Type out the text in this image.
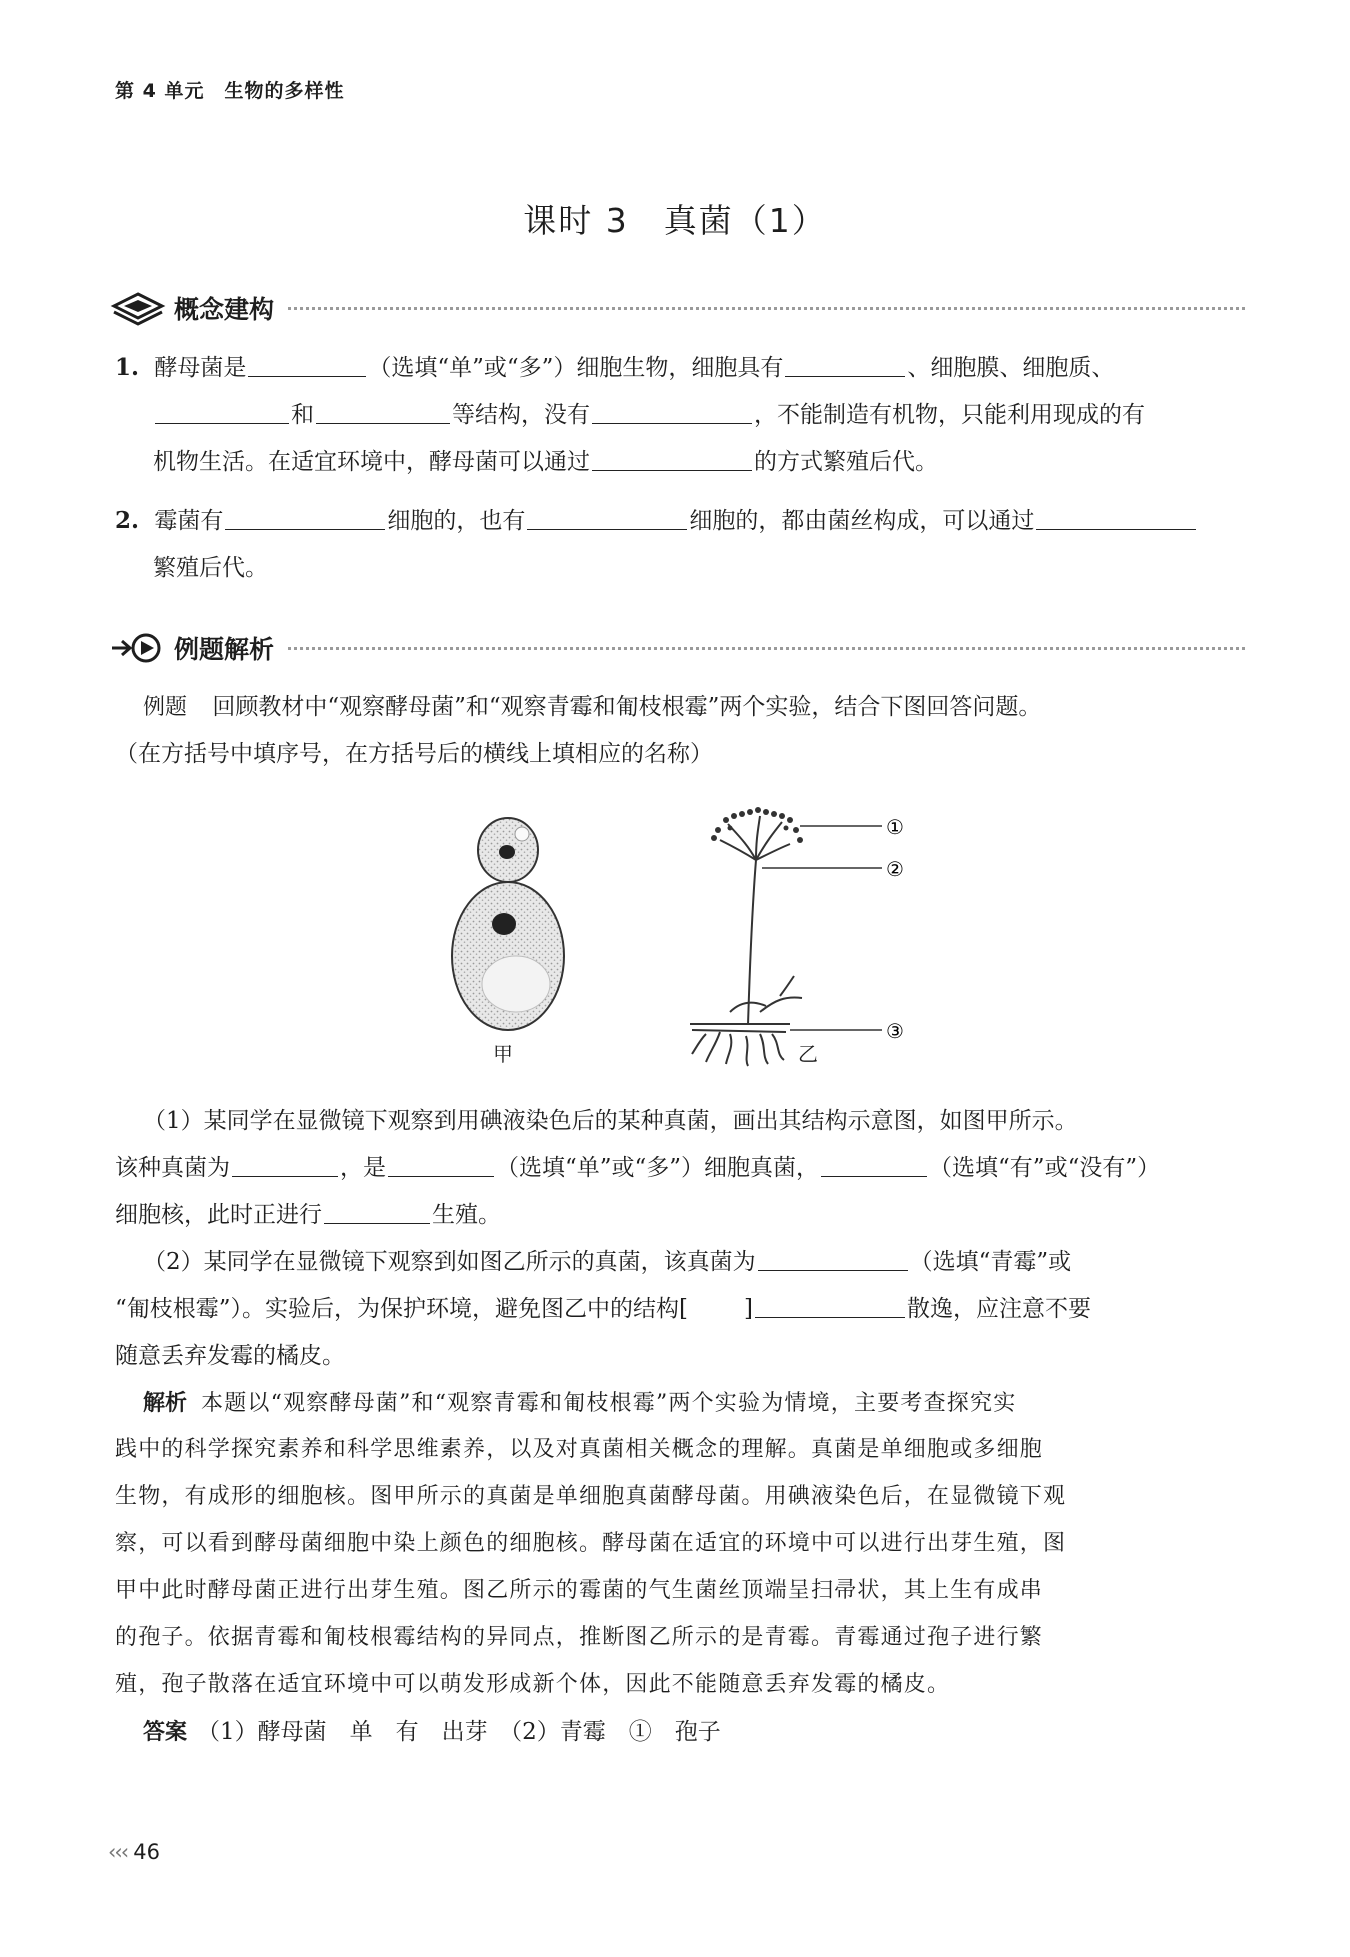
第 4 单元　生物的多样性
课时 3　真菌（1）
概念建构
1. 酵母菌是	（选填“单”或“多”）细胞生物，细胞具有	、细胞膜、细胞质、
和	等结构，没有	，不能制造有机物，只能利用现成的有
机物生活。在适宜环境中，酵母菌可以通过	的方式繁殖后代。
2. 霉菌有	细胞的，也有	细胞的，都由菌丝构成，可以通过
繁殖后代。
例题解析
例题 回顾教材中“观察酵母菌”和“观察青霉和匍枝根霉”两个实验，结合下图回答问题。
（在方括号中填序号，在方括号后的横线上填相应的名称）
①
②
③
甲	乙
（1）某同学在显微镜下观察到用碘液染色后的某种真菌，画出其结构示意图，如图甲所示。
该种真菌为	，是	（选填“单”或“多”）细胞真菌，	（选填“有”或“没有”）
细胞核，此时正进行	生殖。
（2）某同学在显微镜下观察到如图乙所示的真菌，该真菌为	（选填“青霉”或
“匍枝根霉”）。实验后，为保护环境，避免图乙中的结构[ ]	散逸，应注意不要
随意丢弃发霉的橘皮。
解析 本题以“观察酵母菌”和“观察青霉和匍枝根霉”两个实验为情境，主要考查探究实
践中的科学探究素养和科学思维素养，以及对真菌相关概念的理解。真菌是单细胞或多细胞
生物，有成形的细胞核。图甲所示的真菌是单细胞真菌酵母菌。用碘液染色后，在显微镜下观
察，可以看到酵母菌细胞中染上颜色的细胞核。酵母菌在适宜的环境中可以进行出芽生殖，图
甲中此时酵母菌正进行出芽生殖。图乙所示的霉菌的气生菌丝顶端呈扫帚状，其上生有成串
的孢子。依据青霉和匍枝根霉结构的异同点，推断图乙所示的是青霉。青霉通过孢子进行繁
殖，孢子散落在适宜环境中可以萌发形成新个体，因此不能随意丢弃发霉的橘皮。
答案 （1）酵母菌　单　有　出芽　（2）青霉　①　孢子
‹‹‹ 46
